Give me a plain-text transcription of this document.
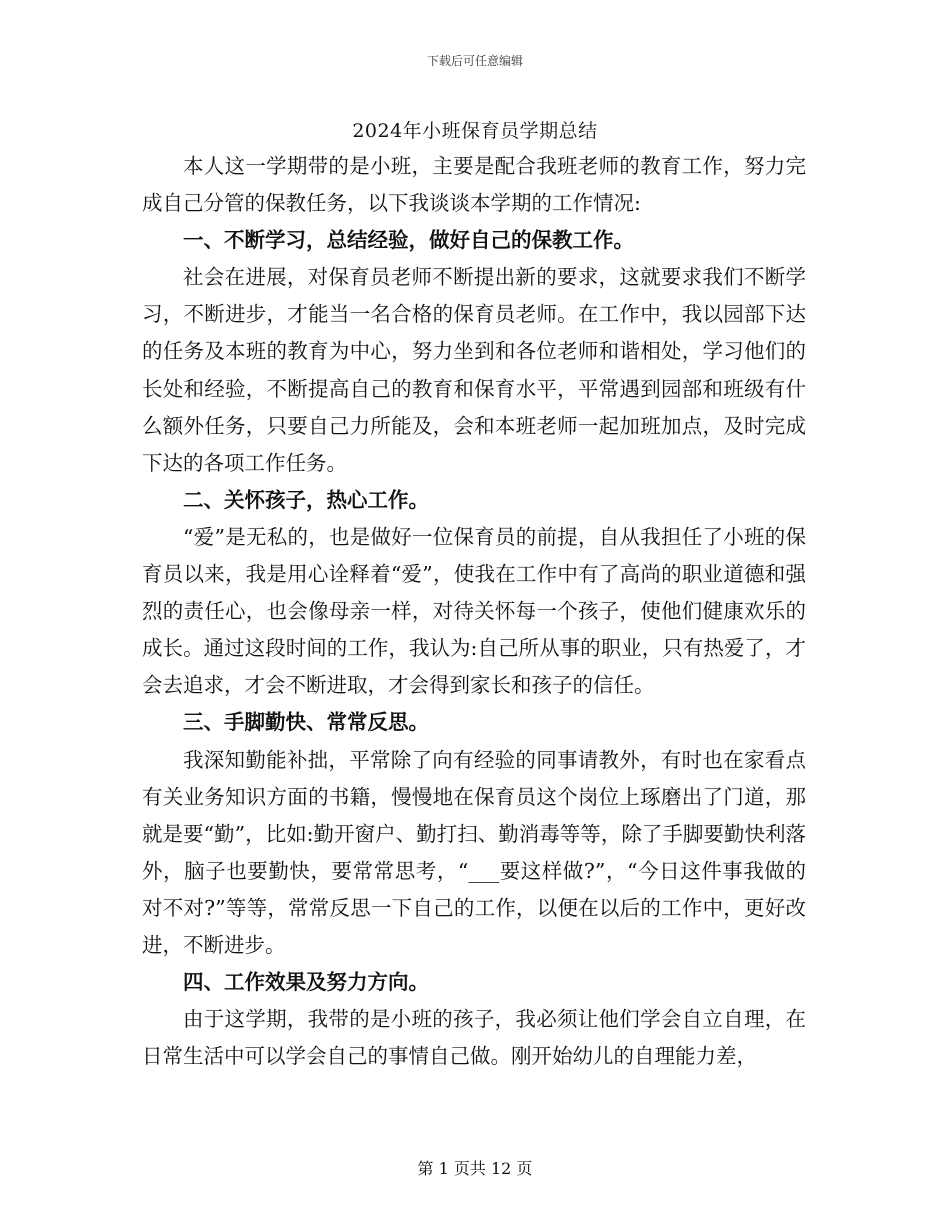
下载后可任意编辑
2024年小班保育员学期总结

本人这一学期带的是小班，主要是配合我班老师的教育工作，努力完成自己分管的保教任务，以下我谈谈本学期的工作情况:

一、不断学习，总结经验，做好自己的保教工作。

社会在进展，对保育员老师不断提出新的要求，这就要求我们不断学习，不断进步，才能当一名合格的保育员老师。在工作中，我以园部下达的任务及本班的教育为中心，努力坐到和各位老师和谐相处，学习他们的长处和经验，不断提高自己的教育和保育水平，平常遇到园部和班级有什么额外任务，只要自己力所能及，会和本班老师一起加班加点，及时完成下达的各项工作任务。

二、关怀孩子，热心工作。

“爱”是无私的，也是做好一位保育员的前提，自从我担任了小班的保育员以来，我是用心诠释着“爱”，使我在工作中有了高尚的职业道德和强烈的责任心，也会像母亲一样，对待关怀每一个孩子，使他们健康欢乐的成长。通过这段时间的工作，我认为:自己所从事的职业，只有热爱了，才会去追求，才会不断进取，才会得到家长和孩子的信任。

三、手脚勤快、常常反思。

我深知勤能补拙，平常除了向有经验的同事请教外，有时也在家看点有关业务知识方面的书籍，慢慢地在保育员这个岗位上琢磨出了门道，那就是要“勤”，比如:勤开窗户、勤打扫、勤消毒等等，除了手脚要勤快利落外，脑子也要勤快，要常常思考，“___要这样做?”，“今日这件事我做的对不对?”等等，常常反思一下自己的工作，以便在以后的工作中，更好改进，不断进步。

四、工作效果及努力方向。

由于这学期，我带的是小班的孩子，我必须让他们学会自立自理，在日常生活中可以学会自己的事情自己做。刚开始幼儿的自理能力差，

第 1 页共 12 页
